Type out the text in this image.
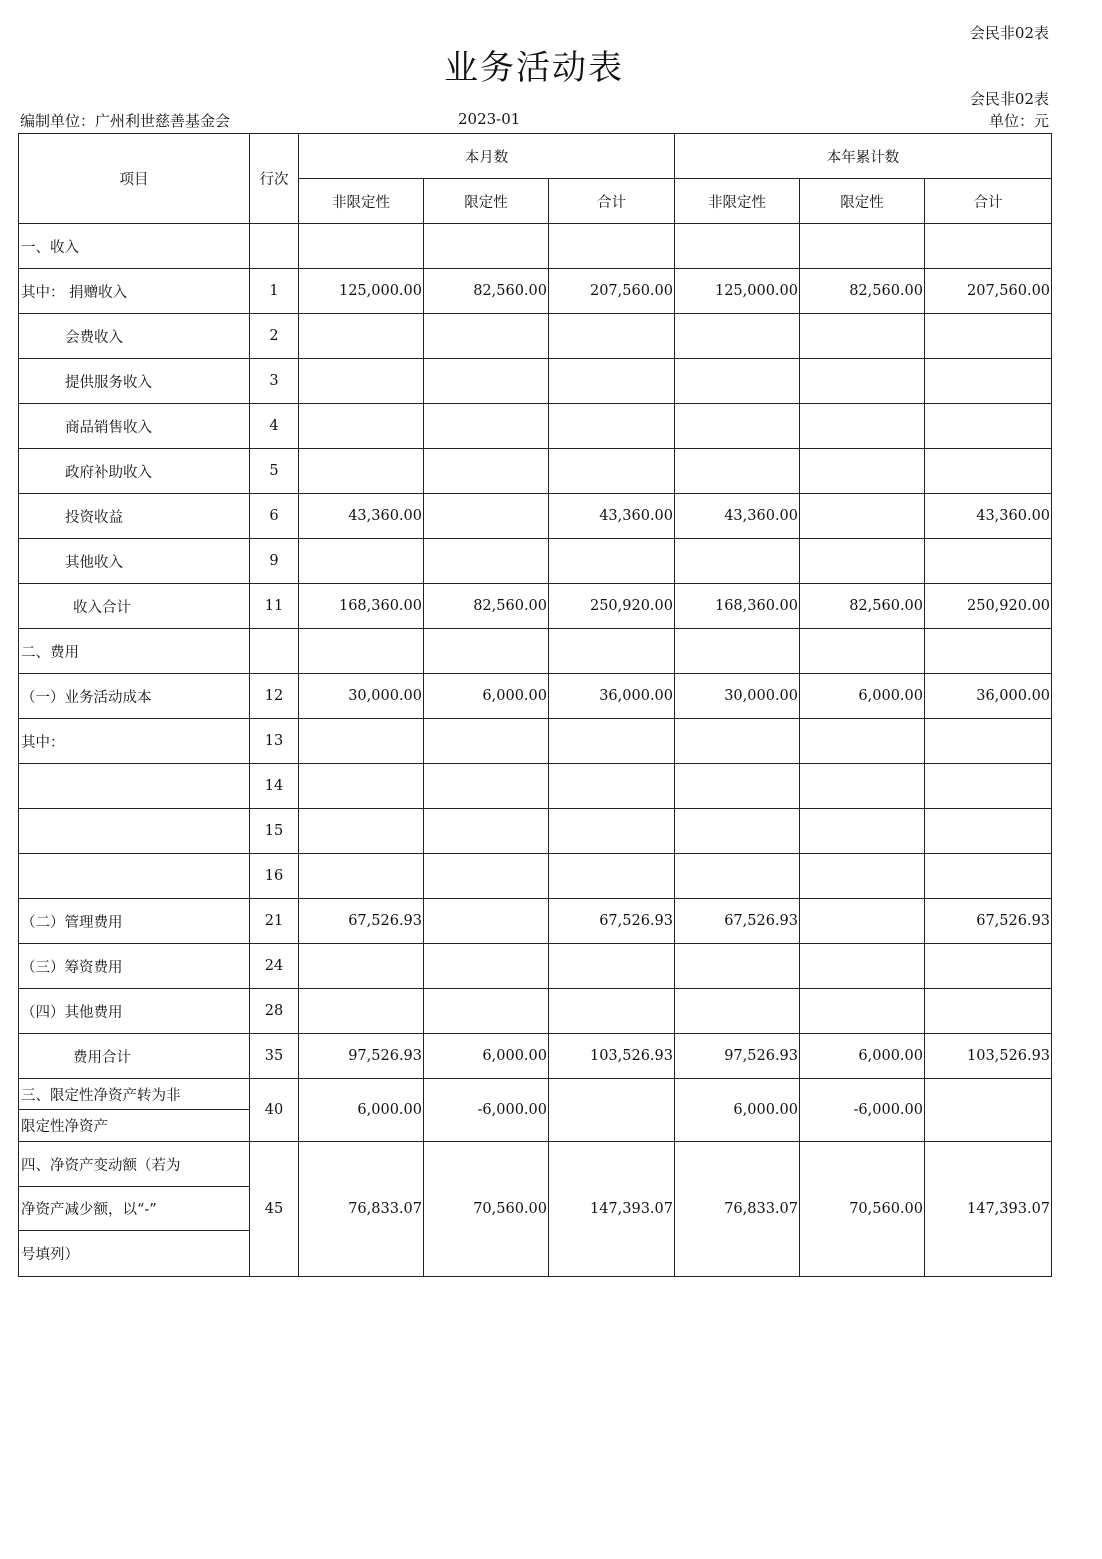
会民非02表
业务活动表
会民非02表
编制单位：广州利世慈善基金会	2023-01	单位：元
项目	行次	本月数			本年累计数		
		非限定性	限定性	合计	非限定性	限定性	合计
一、收入							
其中： 捐赠收入	1	125,000.00	82,560.00	207,560.00	125,000.00	82,560.00	207,560.00
会费收入	2						
提供服务收入	3						
商品销售收入	4						
政府补助收入	5						
投资收益	6	43,360.00		43,360.00	43,360.00		43,360.00
其他收入	9						
收入合计	11	168,360.00	82,560.00	250,920.00	168,360.00	82,560.00	250,920.00
二、费用							
（一）业务活动成本	12	30,000.00	6,000.00	36,000.00	30,000.00	6,000.00	36,000.00
其中：	13						
	14						
	15						
	16						
（二）管理费用	21	67,526.93		67,526.93	67,526.93		67,526.93
（三）筹资费用	24						
（四）其他费用	28						
费用合计	35	97,526.93	6,000.00	103,526.93	97,526.93	6,000.00	103,526.93

三、限定性净资产转为非
限定性净资产	40	6,000.00	-6,000.00		6,000.00	-6,000.00	

四、净资产变动额（若为
净资产减少额，以“-”
号填列）	45	76,833.07	70,560.00	147,393.07	76,833.07	70,560.00	147,393.07
